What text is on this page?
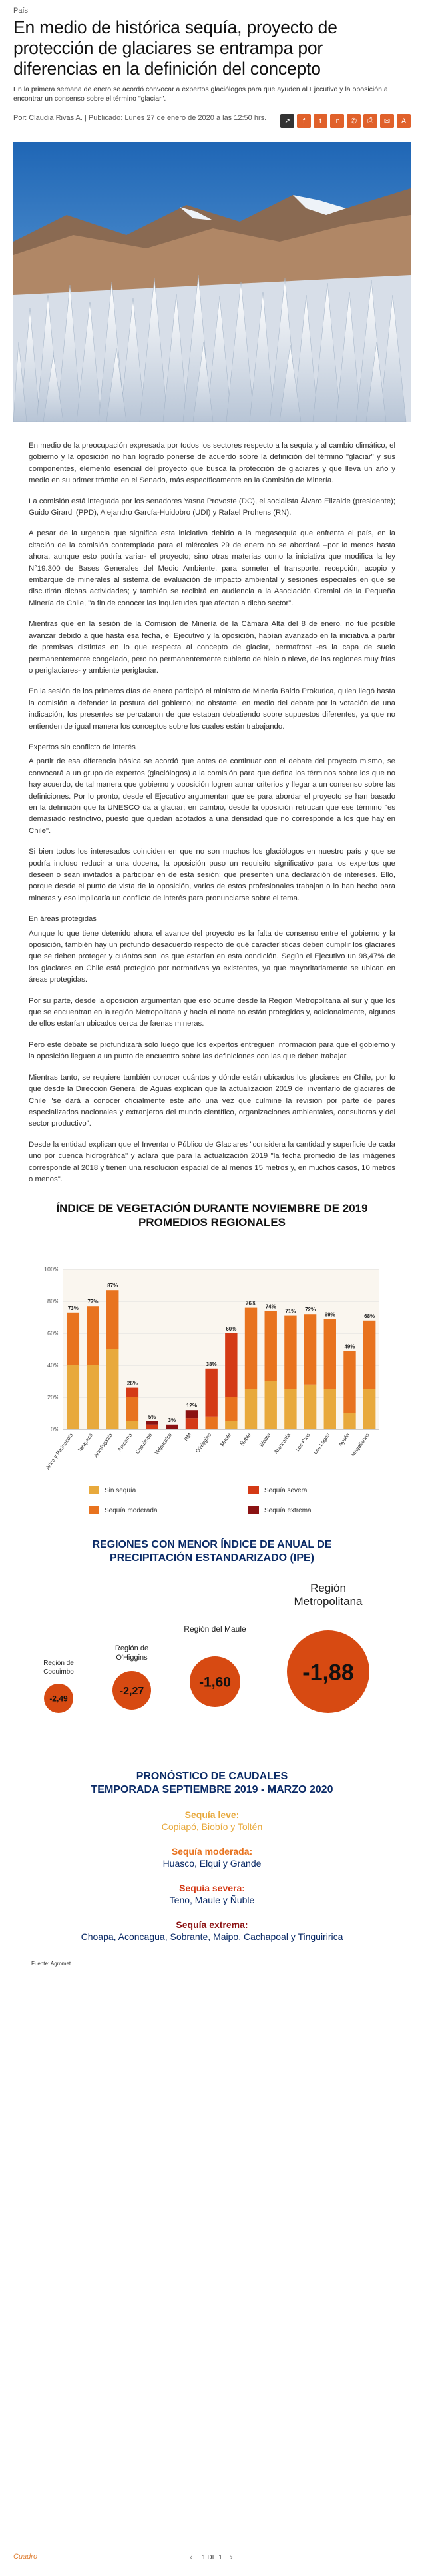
País
En medio de histórica sequía, proyecto de protección de glaciares se entrampa por diferencias en la definición del concepto

En la primera semana de enero se acordó convocar a expertos glaciólogos para que ayuden al Ejecutivo y la oposición a encontrar un consenso sobre el término "glaciar".

Por: Claudia Rivas A. | Publicado: Lunes 27 de enero de 2020 a las 12:50 hrs.	↗	f	t	in	✆	⎙	✉	A

En medio de la preocupación expresada por todos los sectores respecto a la sequía y al cambio climático, el gobierno y la oposición no han logrado ponerse de acuerdo sobre la definición del término "glaciar" y sus componentes, elemento esencial del proyecto que busca la protección de glaciares y que lleva un año y medio en su primer trámite en el Senado, más específicamente en la Comisión de Minería.

La comisión está integrada por los senadores Yasna Provoste (DC), el socialista Álvaro Elizalde (presidente); Guido Girardi (PPD), Alejandro García-Huidobro (UDI) y Rafael Prohens (RN).

A pesar de la urgencia que significa esta iniciativa debido a la megasequía que enfrenta el país, en la citación de la comisión contemplada para el miércoles 29 de enero no se abordará –por lo menos hasta ahora, aunque esto podría variar- el proyecto; sino otras materias como la iniciativa que modifica la ley N°19.300 de Bases Generales del Medio Ambiente, para someter el transporte, recepción, acopio y embarque de minerales al sistema de evaluación de impacto ambiental y sesiones especiales en que se discutirán dichas actividades; y también se recibirá en audiencia a la Asociación Gremial de la Pequeña Minería de Chile, "a fin de conocer las inquietudes que afectan a dicho sector".

Mientras que en la sesión de la Comisión de Minería de la Cámara Alta del 8 de enero, no fue posible avanzar debido a que hasta esa fecha, el Ejecutivo y la oposición, habían avanzado en la iniciativa a partir de premisas distintas en lo que respecta al concepto de glaciar, permafrost -es la capa de suelo permanentemente congelado, pero no permanentemente cubierto de hielo o nieve, de las regiones muy frías o periglaciares- y ambiente periglaciar.

En la sesión de los primeros días de enero participó el ministro de Minería Baldo Prokurica, quien llegó hasta la comisión a defender la postura del gobierno; no obstante, en medio del debate por la votación de una indicación, los presentes se percataron de que estaban debatiendo sobre supuestos diferentes, ya que no entienden de igual manera los conceptos sobre los cuales están trabajando.

Expertos sin conflicto de interés

A partir de esa diferencia básica se acordó que antes de continuar con el debate del proyecto mismo, se convocará a un grupo de expertos (glaciólogos) a la comisión para que defina los términos sobre los que no hay acuerdo, de tal manera que gobierno y oposición logren aunar criterios y llegar a un consenso sobre las definiciones. Por lo pronto, desde el Ejecutivo argumentan que se para abordar el proyecto se han basado en la definición que la UNESCO da a glaciar; en cambio, desde la oposición retrucan que ese término "es demasiado restrictivo, puesto que quedan acotados a una densidad que no corresponde a los que hay en Chile".

Si bien todos los interesados coinciden en que no son muchos los glaciólogos en nuestro país y que se podría incluso reducir a una docena, la oposición puso un requisito significativo para los expertos que deseen o sean invitados a participar en de esta sesión: que presenten una declaración de intereses. Ello, porque desde el punto de vista de la oposición, varios de estos profesionales trabajan o lo han hecho para mineras y eso implicaría un conflicto de interés para pronunciarse sobre el tema.

En áreas protegidas

Aunque lo que tiene detenido ahora el avance del proyecto es la falta de consenso entre el gobierno y la oposición, también hay un profundo desacuerdo respecto de qué características deben cumplir los glaciares que se deben proteger y cuántos son los que estarían en esta condición. Según el Ejecutivo un 98,47% de los glaciares en Chile está protegido por normativas ya existentes, ya que mayoritariamente se ubican en áreas protegidas.

Por su parte, desde la oposición argumentan que eso ocurre desde la Región Metropolitana al sur y que los que se encuentran en la región Metropolitana y hacia el norte no están protegidos y, adicionalmente, algunos de ellos estarían ubicados cerca de faenas mineras.

Pero este debate se profundizará sólo luego que los expertos entreguen información para que el gobierno y la oposición lleguen a un punto de encuentro sobre las definiciones con las que deben trabajar.

Mientras tanto, se requiere también conocer cuántos y dónde están ubicados los glaciares en Chile, por lo que desde la Dirección General de Aguas explican que la actualización 2019 del inventario de glaciares de Chile "se dará a conocer oficialmente este año una vez que culmine la revisión por parte de pares especializados nacionales y extranjeros del mundo científico, organizaciones ambientales, consultoras y del sector productivo".

Desde la entidad explican que el Inventario Público de Glaciares "considera la cantidad y superficie de cada uno por cuenca hidrográfica" y aclara que para la actualización 2019 "la fecha promedio de las imágenes corresponde al 2018 y tienen una resolución espacial de al menos 15 metros y, en muchos casos, 10 metros o menos".

ÍNDICE DE VEGETACIÓN DURANTE NOVIEMBRE DE 2019
PROMEDIOS REGIONALES
0%
20%
40%
60%
80%
100%
73%
Arica y Parinacota
77%
Tarapacá
87%
Antofagasta
26%
Atacama
5%
Coquimbo
3%
Valparaíso
12%
RM
38%
O'Higgins
60%
Maule
76%
Ñuble
74%
Biobío
71%
Araucanía
72%
Los Ríos
69%
Los Lagos
49%
Aysén
68%
Magallanes
Sin sequía	Sequía severa
Sequía moderada	Sequía extrema
REGIONES CON MENOR ÍNDICE DE ANUAL DE
PRECIPITACIÓN ESTANDARIZADO (IPE)
Región de
Coquimbo
-2,49
Región de
O'Higgins
-2,27
Región del Maule
-1,60
Región
Metropolitana
-1,88
PRONÓSTICO DE CAUDALES
TEMPORADA SEPTIEMBRE 2019 - MARZO 2020
Sequía leve:
Copiapó, Biobío y Toltén
Sequía moderada:
Huasco, Elqui y Grande
Sequía severa:
Teno, Maule y Ñuble
Sequía extrema:
Choapa, Aconcagua, Sobrante, Maipo, Cachapoal y Tinguiririca
Fuente: Agromet
Cuadro	‹	1 DE 1 ›
